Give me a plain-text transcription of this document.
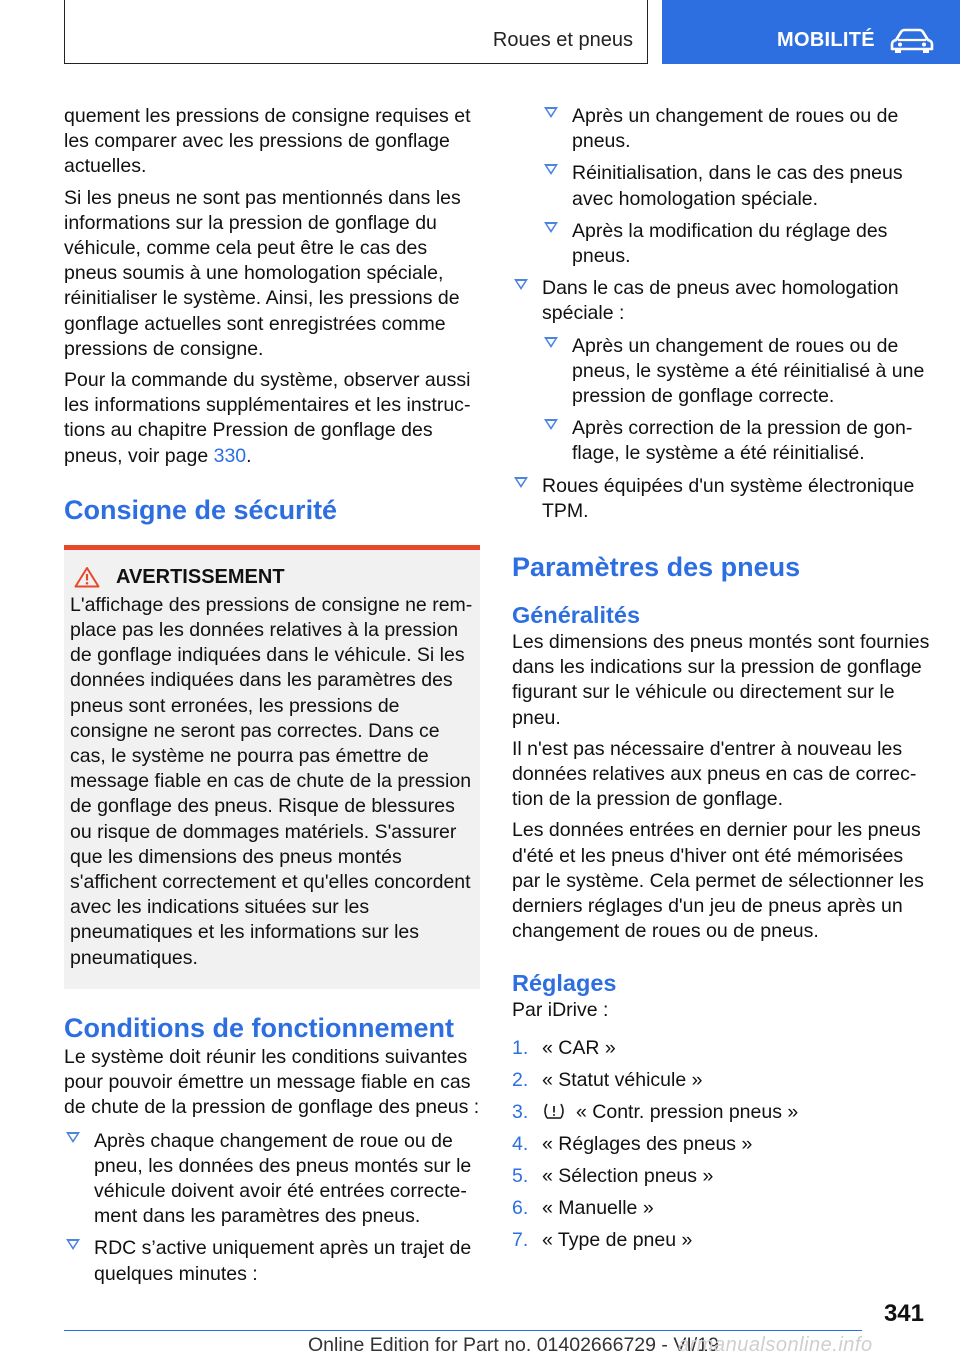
Roues et pneus	MOBILITÉ

quement les pressions de consigne requises et les comparer avec les pressions de gonflage actuelles.

Si les pneus ne sont pas mentionnés dans les informations sur la pression de gonflage du véhicule, comme cela peut être le cas des pneus soumis à une homologation spéciale, réinitialiser le système. Ainsi, les pressions de gonflage actuelles sont enregistrées comme pressions de consigne.

Pour la commande du système, observer aussi les informations supplémentaires et les instructions au chapitre Pression de gonflage des pneus, voir page 330.

Consigne de sécurité
AVERTISSEMENT

L'affichage des pressions de consigne ne remplace pas les données relatives à la pression de gonflage indiquées dans le véhicule. Si les données indiquées dans les paramètres des pneus sont erronées, les pressions de consigne ne seront pas correctes. Dans ce cas, le système ne pourra pas émettre de message fiable en cas de chute de la pression de gonflage des pneus. Risque de blessures ou risque de dommages matériels. S'assurer que les dimensions des pneus montés s'affichent correctement et qu'elles concordent avec les indications situées sur les pneumatiques et les informations sur les pneumatiques.

Conditions de fonctionnement

Le système doit réunir les conditions suivantes pour pouvoir émettre un message fiable en cas de chute de la pression de gonflage des pneus :

Après chaque changement de roue ou de pneu, les données des pneus montés sur le véhicule doivent avoir été entrées correctement dans les paramètres des pneus.
RDC s’active uniquement après un trajet de quelques minutes :
Après un changement de roues ou de pneus.
Réinitialisation, dans le cas des pneus avec homologation spéciale.
Après la modification du réglage des pneus.
Dans le cas de pneus avec homologation spéciale :
Après un changement de roues ou de pneus, le système a été réinitialisé à une pression de gonflage correcte.
Après correction de la pression de gonflage, le système a été réinitialisé.
Roues équipées d'un système électronique TPM.
Paramètres des pneus
Généralités

Les dimensions des pneus montés sont fournies dans les indications sur la pression de gonflage figurant sur le véhicule ou directement sur le pneu.

Il n'est pas nécessaire d'entrer à nouveau les données relatives aux pneus en cas de correction de la pression de gonflage.

Les données entrées en dernier pour les pneus d'été et les pneus d'hiver ont été mémorisées par le système. Cela permet de sélectionner les derniers réglages d'un jeu de pneus après un changement de roues ou de pneus.

Réglages

Par iDrive :

1. « CAR »
2. « Statut véhicule »
3. « Contr. pression pneus »
4. « Réglages des pneus »
5. « Sélection pneus »
6. « Manuelle »
7. « Type de pneu »
341
Online Edition for Part no. 01402666729 - VI/19
armanualsonline.info
